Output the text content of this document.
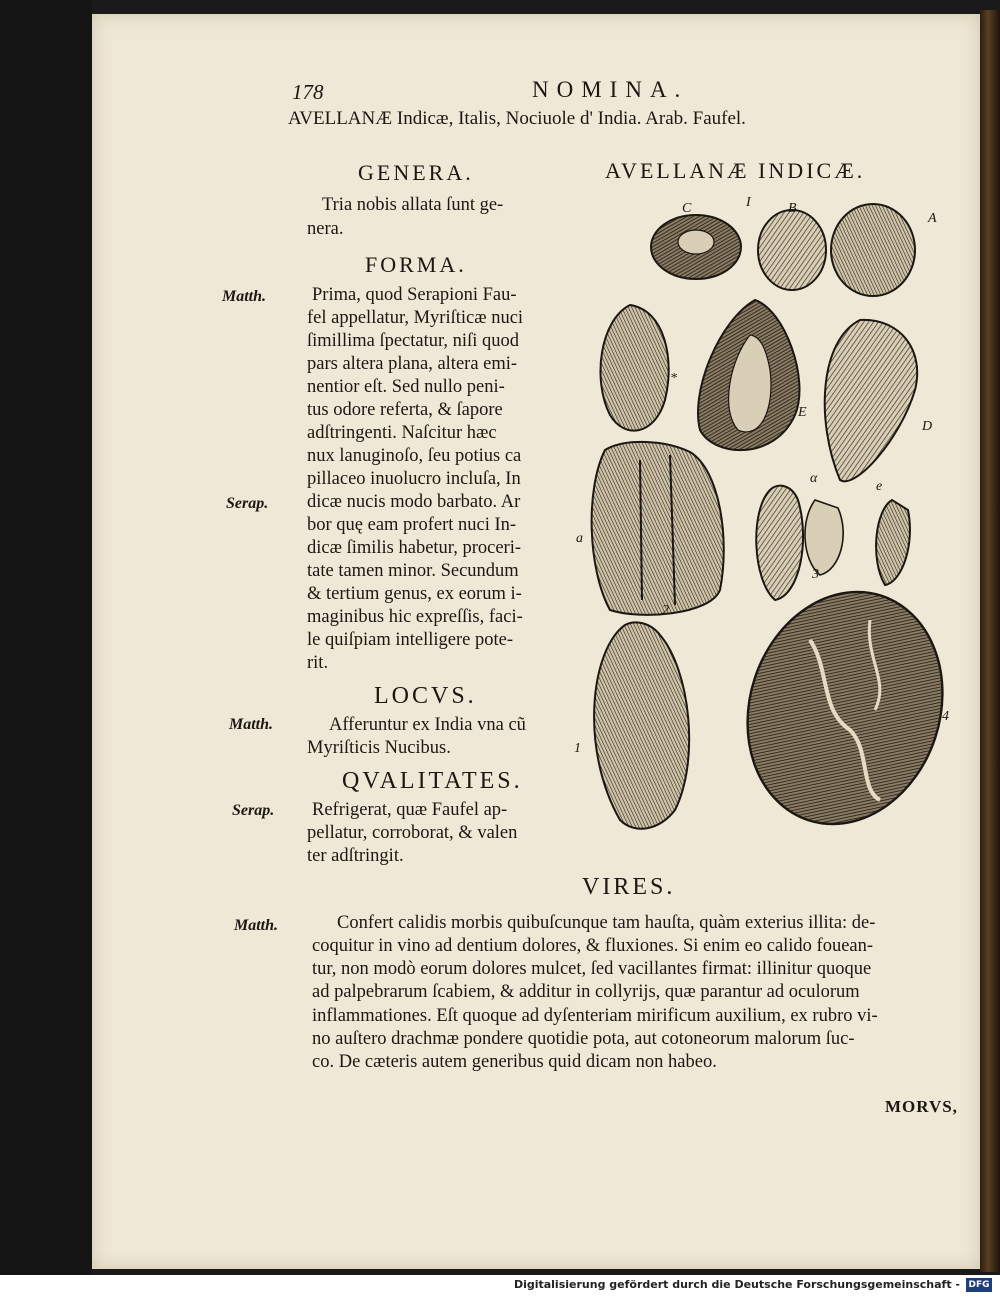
178	NOMINA.
AVELLANÆ Indicæ, Italis, Nociuole d' India. Arab. Faufel.
GENERA.
Tria nobis allata ſunt ge-
nera.
FORMA.
Prima, quod Serapioni Fau-
fel appellatur, Myriſticæ nuci
ſimillima ſpectatur, niſi quod
pars altera plana, altera emi-
nentior eſt. Sed nullo peni-
tus odore referta, & ſapore
adſtringenti. Naſcitur hæc
nux lanuginoſo, ſeu potius ca
pillaceo inuolucro incluſa, In
dicæ nucis modo barbato. Ar
bor quę eam profert nuci In-
dicæ ſimilis habetur, proceri-
tate tamen minor. Secundum
& tertium genus, ex eorum i-
maginibus hic expreſſis, faci-
le quiſpiam intelligere pote-
rit.
LOCVS.
Afferuntur ex India vna cũ
Myriſticis Nucibus.
QVALITATES.
Refrigerat, quæ Faufel ap-
pellatur, corroborat, & valen
ter adſtringit.
Matth.
Serap.
Matth.
Serap.
Matth.
AVELLANÆ INDICÆ.
C	I	B
A
*
E
D
α
e
a
2
3
1
4
VIRES.
Confert calidis morbis quibuſcunque tam hauſta, quàm exterius illita: de-
coquitur in vino ad dentium dolores, & fluxiones. Si enim eo calido fouean-
tur, non modò eorum dolores mulcet, ſed vacillantes firmat: illinitur quoque
ad palpebrarum ſcabiem, & additur in collyrijs, quæ parantur ad oculorum
inflammationes. Eſt quoque ad dyſenteriam mirificum auxilium, ex rubro vi-
no auſtero drachmæ pondere quotidie pota, aut cotoneorum malorum ſuc-
co. De cæteris autem generibus quid dicam non habeo.
MORVS,
Digitalisierung gefördert durch die Deutsche Forschungsgemeinschaft - DFG
